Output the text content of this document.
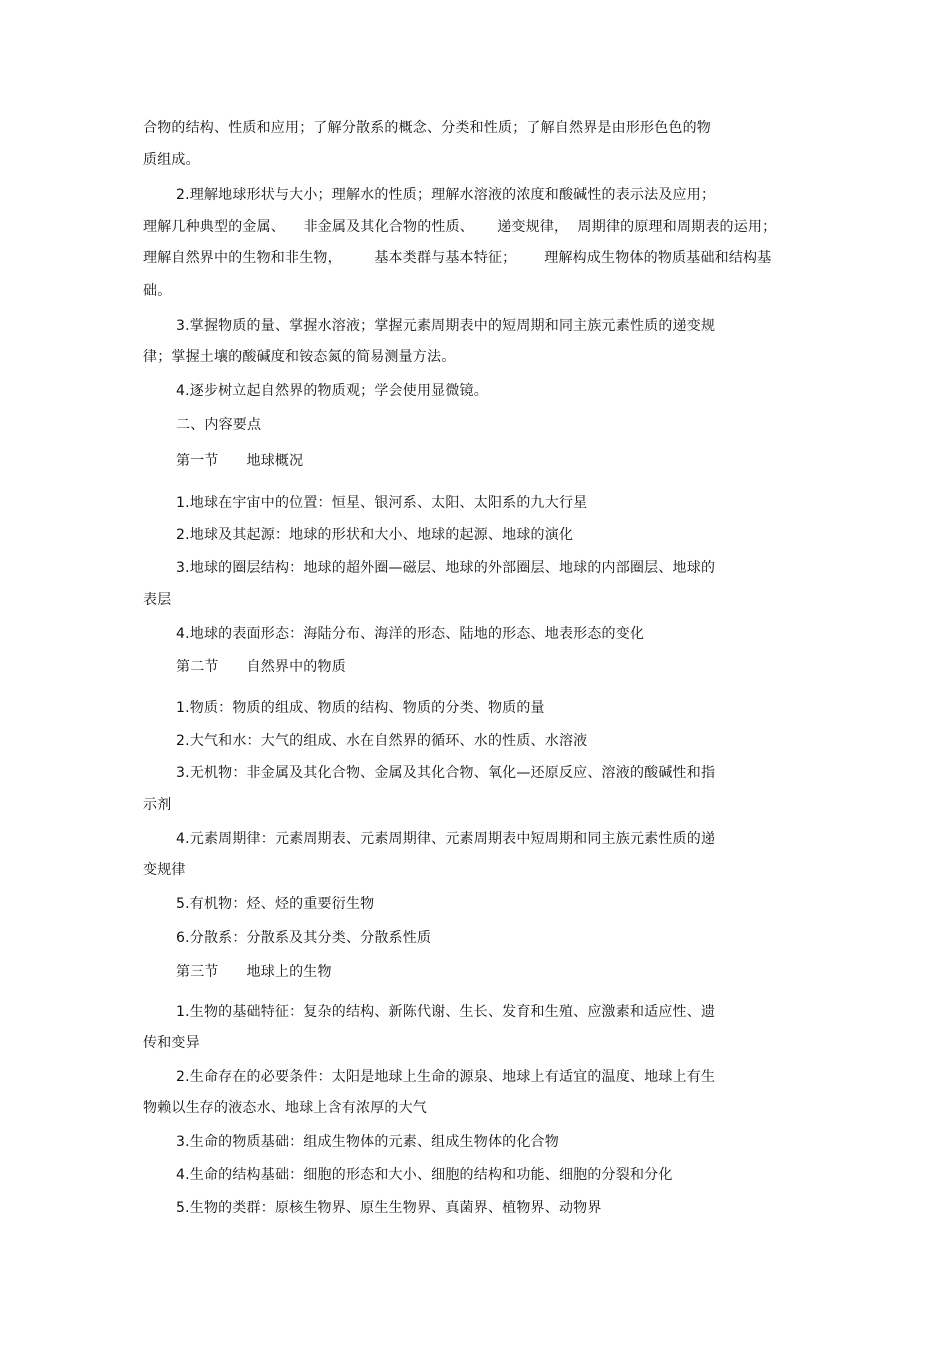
合物的结构、性质和应用；了解分散系的概念、分类和性质；了解自然界是由形形色色的物
质组成。
2.理解地球形状与大小；理解水的性质；理解水溶液的浓度和酸碱性的表示法及应用；
理解几种典型的金属、    非金属及其化合物的性质、     递变规律，  周期律的原理和周期表的运用；
理解自然界中的生物和非生物，       基本类群与基本特征；      理解构成生物体的物质基础和结构基
础。
3.掌握物质的量、掌握水溶液；掌握元素周期表中的短周期和同主族元素性质的递变规
律；掌握土壤的酸碱度和铵态氮的简易测量方法。
4.逐步树立起自然界的物质观；学会使用显微镜。
二、内容要点
第一节      地球概况
1.地球在宇宙中的位置：恒星、银河系、太阳、太阳系的九大行星
2.地球及其起源：地球的形状和大小、地球的起源、地球的演化
3.地球的圈层结构：地球的超外圈—磁层、地球的外部圈层、地球的内部圈层、地球的
表层
4.地球的表面形态：海陆分布、海洋的形态、陆地的形态、地表形态的变化
第二节      自然界中的物质
1.物质：物质的组成、物质的结构、物质的分类、物质的量
2.大气和水：大气的组成、水在自然界的循环、水的性质、水溶液
3.无机物：非金属及其化合物、金属及其化合物、氧化—还原反应、溶液的酸碱性和指
示剂
4.元素周期律：元素周期表、元素周期律、元素周期表中短周期和同主族元素性质的递
变规律
5.有机物：烃、烃的重要衍生物
6.分散系：分散系及其分类、分散系性质
第三节      地球上的生物
1.生物的基础特征：复杂的结构、新陈代谢、生长、发育和生殖、应激素和适应性、遗
传和变异
2.生命存在的必要条件：太阳是地球上生命的源泉、地球上有适宜的温度、地球上有生
物赖以生存的液态水、地球上含有浓厚的大气
3.生命的物质基础：组成生物体的元素、组成生物体的化合物
4.生命的结构基础：细胞的形态和大小、细胞的结构和功能、细胞的分裂和分化
5.生物的类群：原核生物界、原生生物界、真菌界、植物界、动物界
